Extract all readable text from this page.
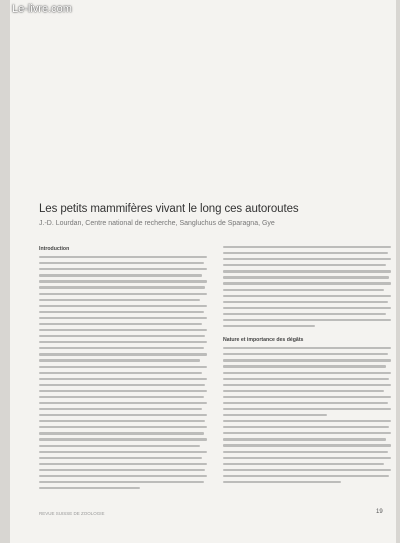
Le-livre.com
Les petits mammifères vivant le long ces autoroutes
J.-D. Lourdan, Centre national de recherche, Sangluchus de Sparagna, Gye
Introduction
Nature et importance des dégâts
REVUE SUISSE DE ZOOLOGIE	19
